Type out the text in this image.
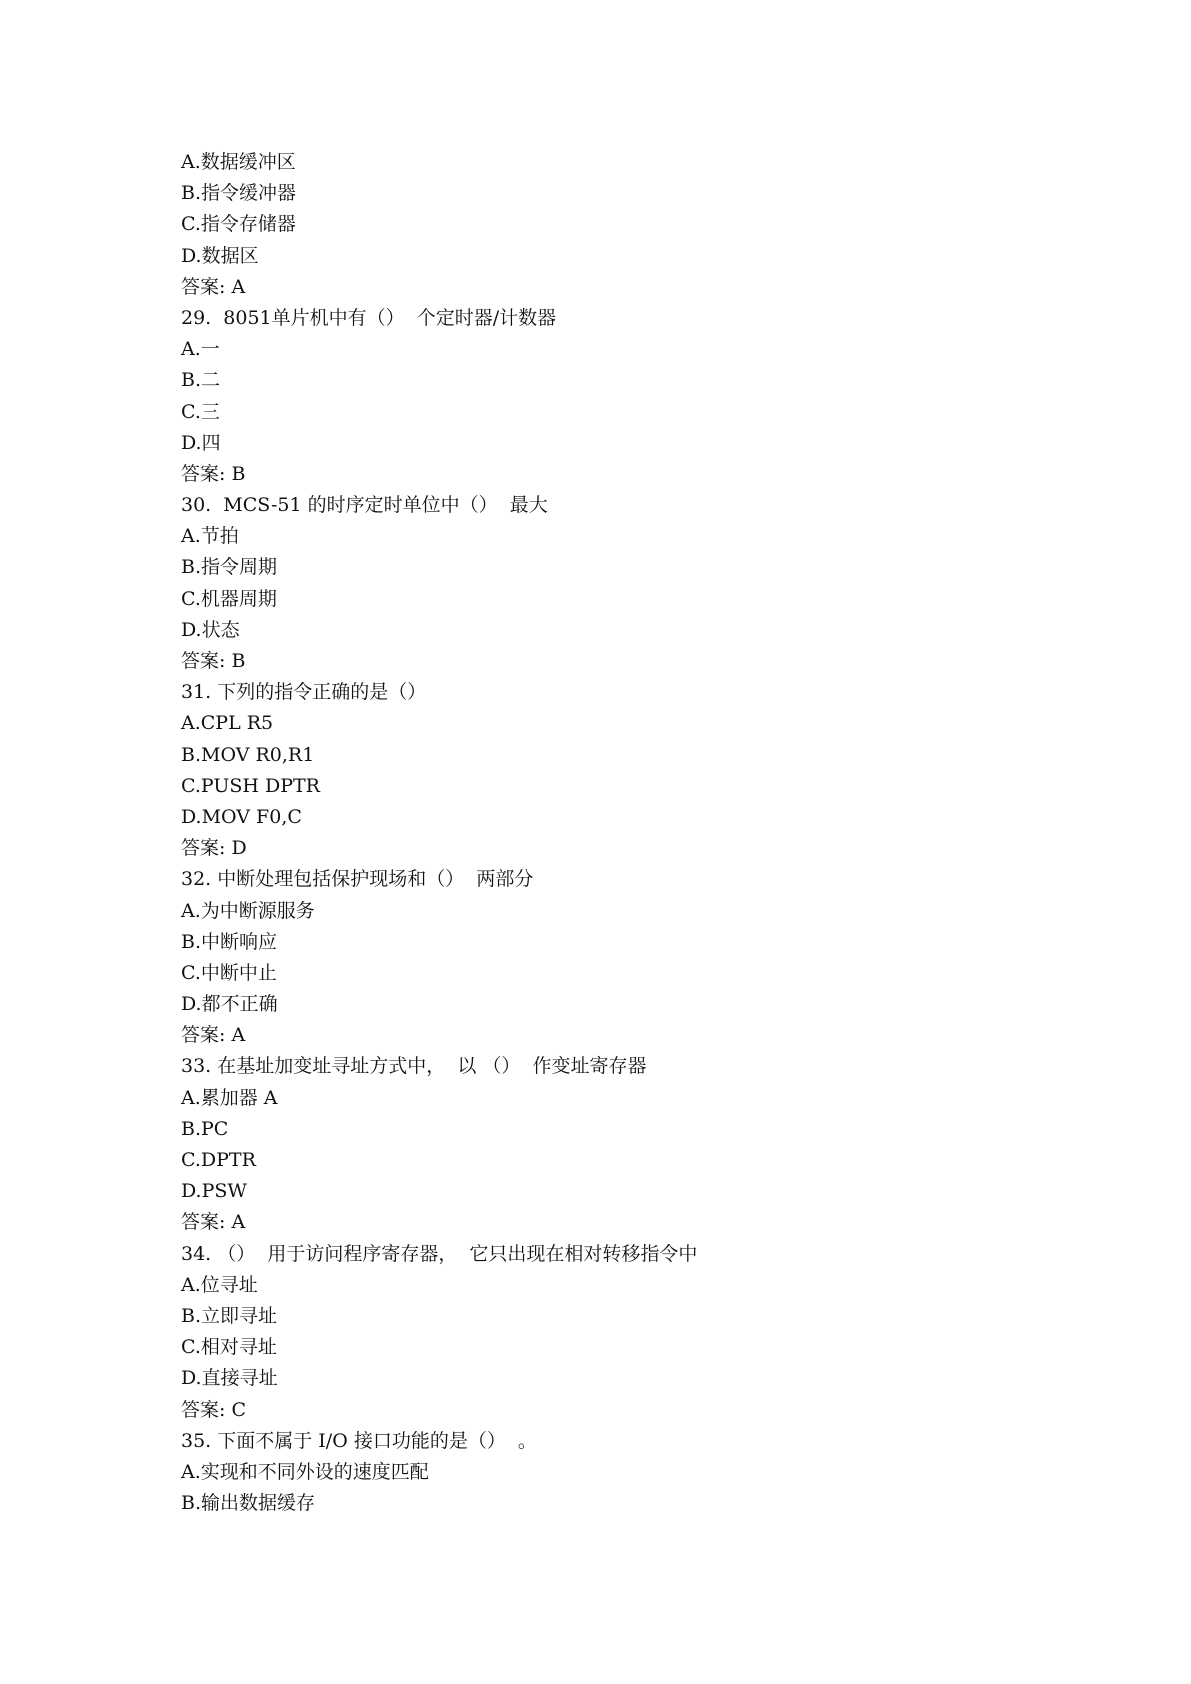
A.数据缓冲区
B.指令缓冲器
C.指令存储器
D.数据区
答案: A
29.  8051单片机中有（）  个定时器/计数器
A.一
B.二
C.三
D.四
答案: B
30.  MCS-51 的时序定时单位中（）  最大
A.节拍
B.指令周期
C.机器周期
D.状态
答案: B
31. 下列的指令正确的是（）
A.CPL R5
B.MOV R0,R1
C.PUSH DPTR
D.MOV F0,C
答案: D
32. 中断处理包括保护现场和（）  两部分
A.为中断源服务
B.中断响应
C.中断中止
D.都不正确
答案: A
33. 在基址加变址寻址方式中，  以 （）  作变址寄存器
A.累加器 A
B.PC
C.DPTR
D.PSW
答案: A
34. （）  用于访问程序寄存器，  它只出现在相对转移指令中
A.位寻址
B.立即寻址
C.相对寻址
D.直接寻址
答案: C
35. 下面不属于 I/O 接口功能的是（）  。
A.实现和不同外设的速度匹配
B.输出数据缓存
